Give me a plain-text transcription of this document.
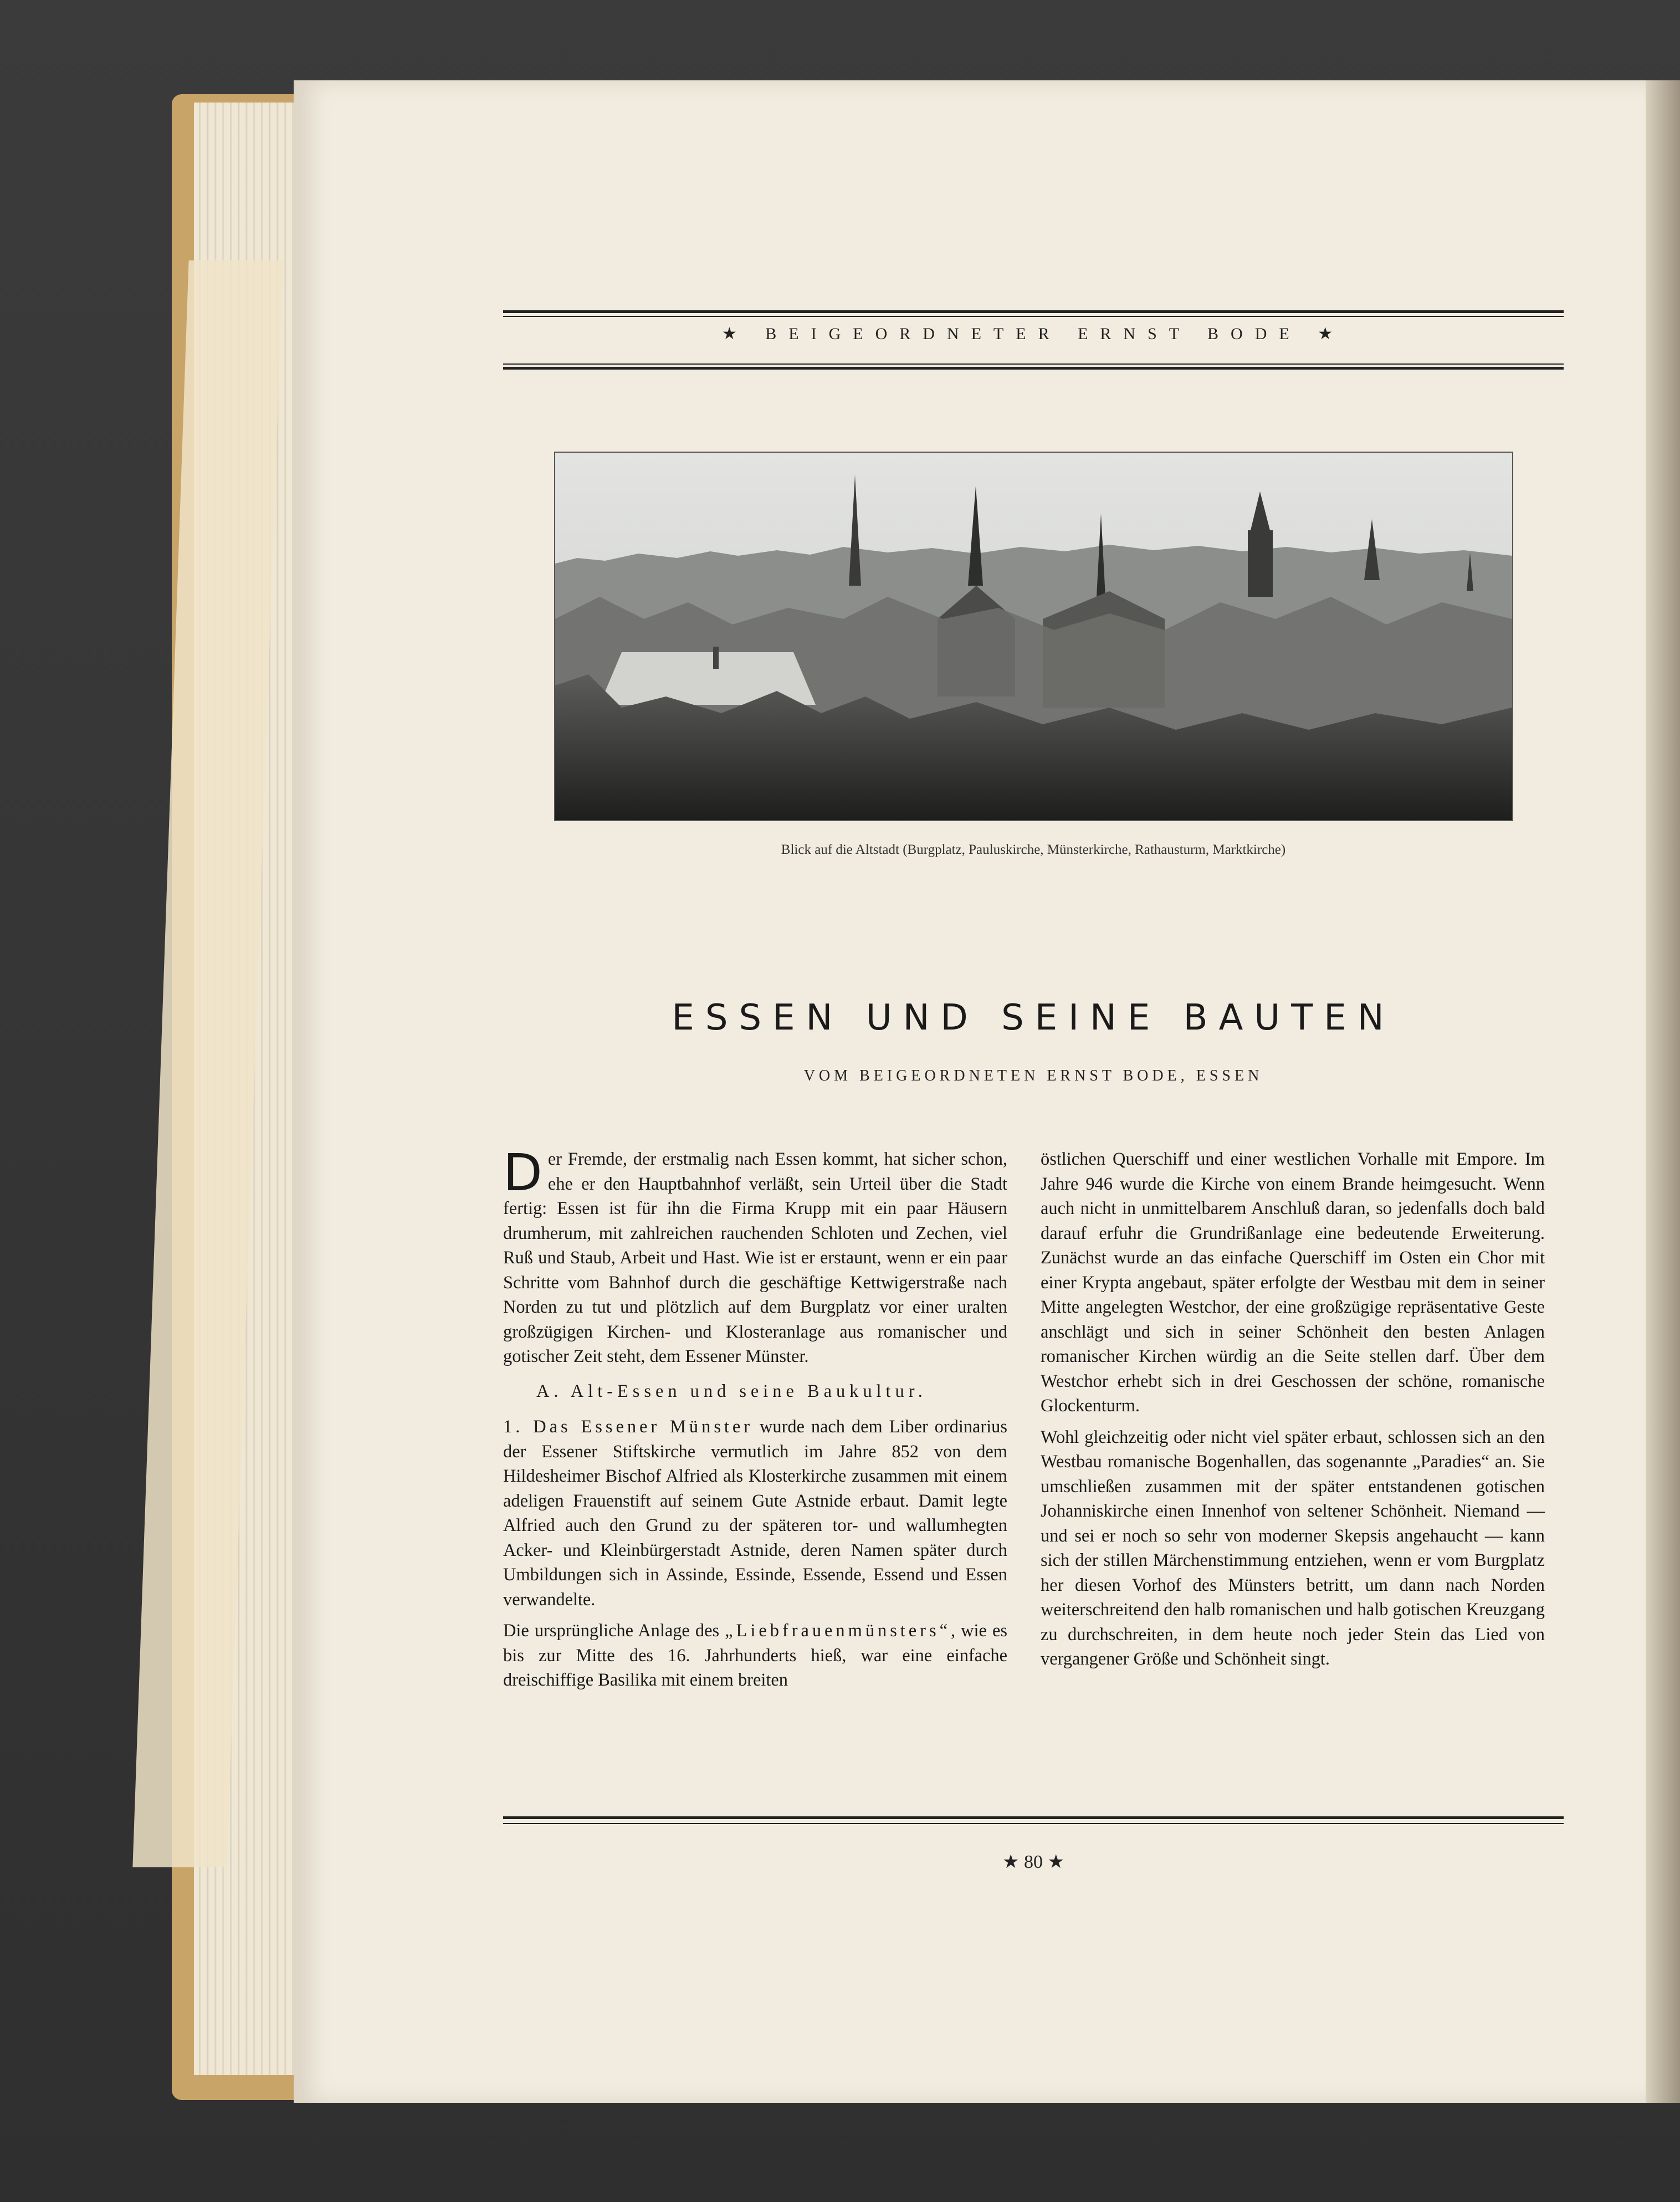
★ BEIGEORDNETER ERNST BODE ★
Blick auf die Altstadt (Burgplatz, Pauluskirche, Münsterkirche, Rathausturm, Marktkirche)
ESSEN UND SEINE BAUTEN
VOM BEIGEORDNETEN ERNST BODE, ESSEN

Der Fremde, der erstmalig nach Essen kommt, hat sicher schon, ehe er den Hauptbahnhof verläßt, sein Urteil über die Stadt fertig: Essen ist für ihn die Firma Krupp mit ein paar Häusern drumherum, mit zahlreichen rauchenden Schloten und Zechen, viel Ruß und Staub, Arbeit und Hast. Wie ist er erstaunt, wenn er ein paar Schritte vom Bahnhof durch die geschäftige Kettwigerstraße nach Norden zu tut und plötzlich auf dem Burgplatz vor einer uralten großzügigen Kirchen- und Klosteranlage aus romanischer und gotischer Zeit steht, dem Essener Münster.

A. Alt-Essen und seine Baukultur.

1. Das Essener Münster wurde nach dem Liber ordinarius der Essener Stiftskirche vermutlich im Jahre 852 von dem Hildesheimer Bischof Alfried als Klosterkirche zusammen mit einem adeligen Frauenstift auf seinem Gute Astnide erbaut. Damit legte Alfried auch den Grund zu der späteren tor- und wallumhegten Acker- und Kleinbürgerstadt Astnide, deren Namen später durch Umbildungen sich in Assinde, Essinde, Essende, Essend und Essen verwandelte.

Die ursprüngliche Anlage des „Liebfrauenmünsters“, wie es bis zur Mitte des 16. Jahrhunderts hieß, war eine einfache dreischiffige Basilika mit einem breiten

östlichen Querschiff und einer westlichen Vorhalle mit Empore. Im Jahre 946 wurde die Kirche von einem Brande heimgesucht. Wenn auch nicht in unmittelbarem Anschluß daran, so jedenfalls doch bald darauf erfuhr die Grundrißanlage eine bedeutende Erweiterung. Zunächst wurde an das einfache Querschiff im Osten ein Chor mit einer Krypta angebaut, später erfolgte der Westbau mit dem in seiner Mitte angelegten Westchor, der eine großzügige repräsentative Geste anschlägt und sich in seiner Schönheit den besten Anlagen romanischer Kirchen würdig an die Seite stellen darf. Über dem Westchor erhebt sich in drei Geschossen der schöne, romanische Glockenturm.

Wohl gleichzeitig oder nicht viel später erbaut, schlossen sich an den Westbau romanische Bogenhallen, das sogenannte „Paradies“ an. Sie umschließen zusammen mit der später entstandenen gotischen Johanniskirche einen Innenhof von seltener Schönheit. Niemand — und sei er noch so sehr von moderner Skepsis angehaucht — kann sich der stillen Märchenstimmung entziehen, wenn er vom Burgplatz her diesen Vorhof des Münsters betritt, um dann nach Norden weiterschreitend den halb romanischen und halb gotischen Kreuzgang zu durchschreiten, in dem heute noch jeder Stein das Lied von vergangener Größe und Schönheit singt.

★ 80 ★
